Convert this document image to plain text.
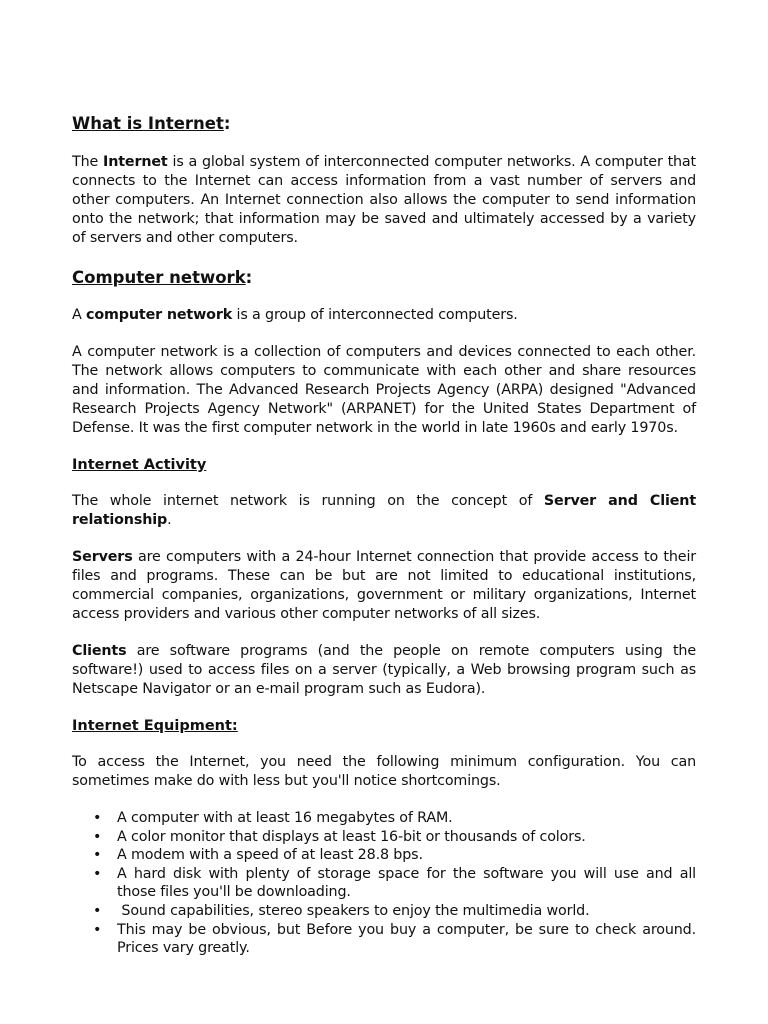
What is Internet:

The Internet is a global system of interconnected computer networks. A computer that connects to the Internet can access information from a vast number of servers and other computers. An Internet connection also allows the computer to send information onto the network; that information may be saved and ultimately accessed by a variety of servers and other computers.

Computer network:

A computer network is a group of interconnected computers.

A computer network is a collection of computers and devices connected to each other. The network allows computers to communicate with each other and share resources and information. The Advanced Research Projects Agency (ARPA) designed "Advanced Research Projects Agency Network" (ARPANET) for the United States Department of Defense. It was the first computer network in the world in late 1960s and early 1970s.

Internet Activity

The whole internet network is running on the concept of Server and Client relationship.

Servers are computers with a 24-hour Internet connection that provide access to their files and programs. These can be but are not limited to educational institutions, commercial companies, organizations, government or military organizations, Internet access providers and various other computer networks of all sizes.

Clients are software programs (and the people on remote computers using the software!) used to access files on a server (typically, a Web browsing program such as Netscape Navigator or an e-mail program such as Eudora).

Internet Equipment:

To access the Internet, you need the following minimum configuration. You can sometimes make do with less but you'll notice shortcomings.

• A computer with at least 16 megabytes of RAM.
• A color monitor that displays at least 16-bit or thousands of colors.
• A modem with a speed of at least 28.8 bps.
• A hard disk with plenty of storage space for the software you will use and all those files you'll be downloading.
• Sound capabilities, stereo speakers to enjoy the multimedia world.
• This may be obvious, but Before you buy a computer, be sure to check around. Prices vary greatly.
